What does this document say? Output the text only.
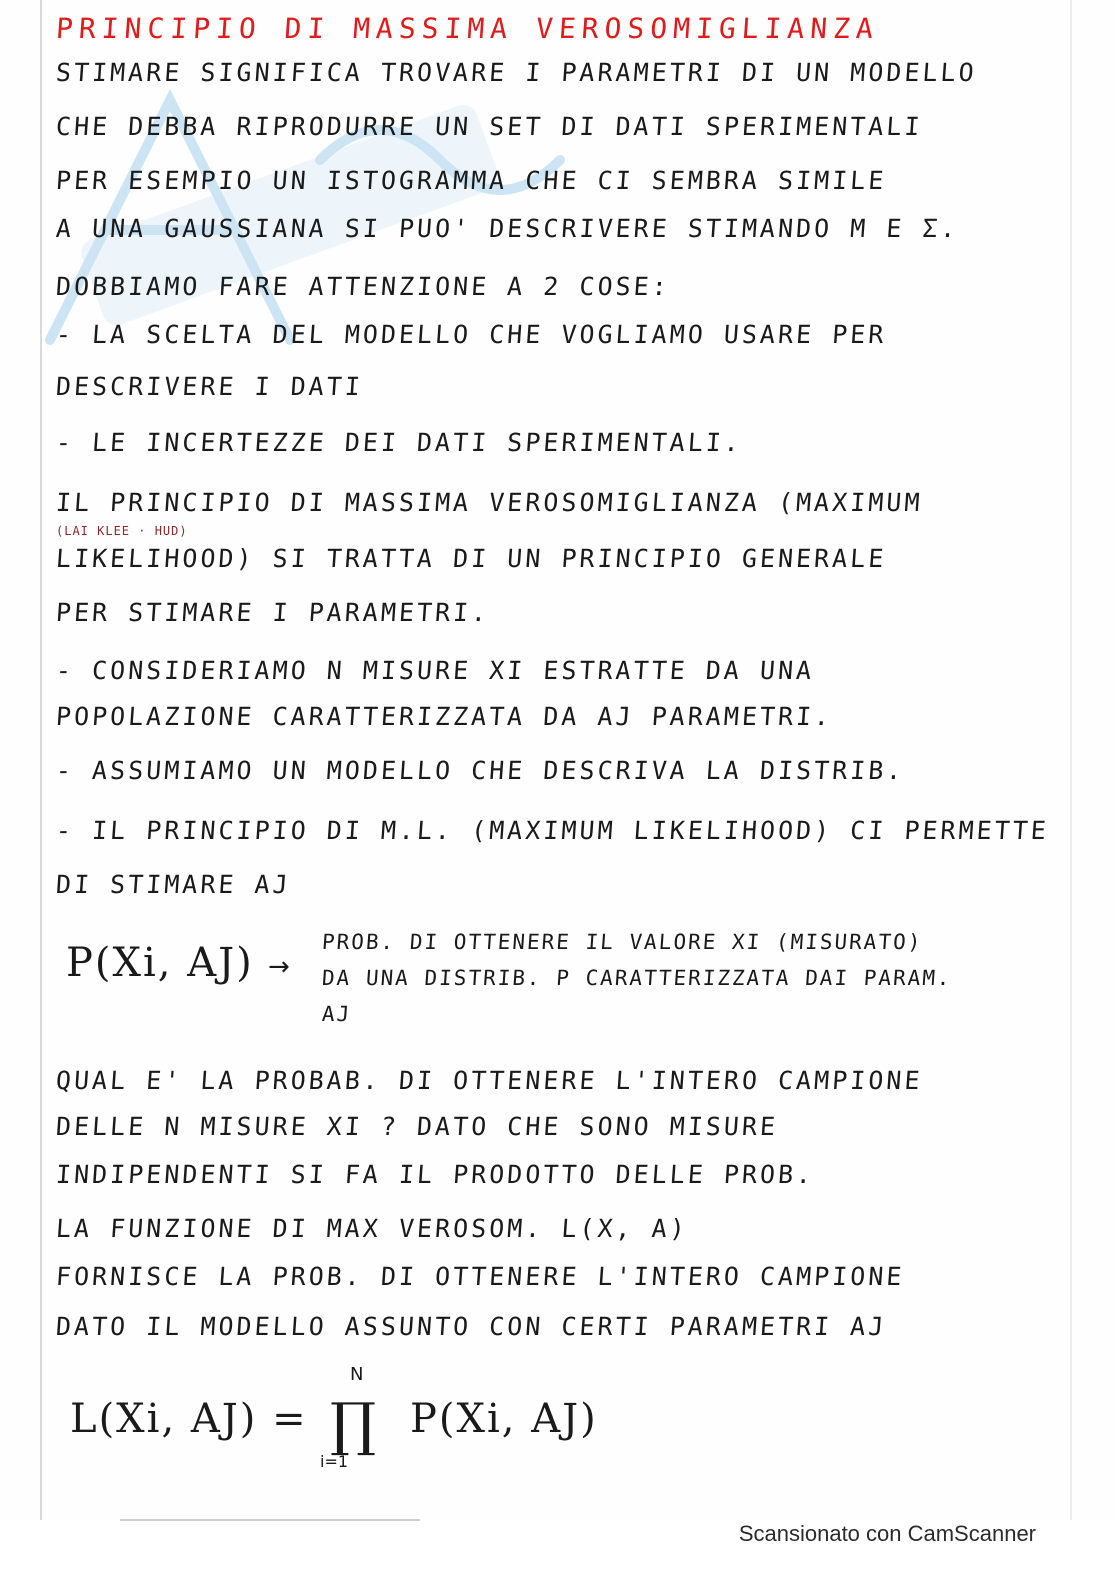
PRINCIPIO DI MASSIMA VEROSOMIGLIANZA
STIMARE SIGNIFICA TROVARE I PARAMETRI DI UN MODELLO
CHE DEBBA RIPRODURRE UN SET DI DATI SPERIMENTALI
PER ESEMPIO UN ISTOGRAMMA CHE CI SEMBRA SIMILE
A UNA GAUSSIANA SI PUO' DESCRIVERE STIMANDO Μ E Σ.
DOBBIAMO FARE ATTENZIONE A 2 COSE:
- LA SCELTA DEL MODELLO CHE VOGLIAMO USARE PER
DESCRIVERE I DATI
- LE INCERTEZZE DEI DATI SPERIMENTALI.
IL PRINCIPIO DI MASSIMA VEROSOMIGLIANZA (MAXIMUM
(LAI KLEE · HUD)
LIKELIHOOD) SI TRATTA DI UN PRINCIPIO GENERALE
PER STIMARE I PARAMETRI.
- CONSIDERIAMO N MISURE XI ESTRATTE DA UNA
POPOLAZIONE CARATTERIZZATA DA AJ PARAMETRI.
- ASSUMIAMO UN MODELLO CHE DESCRIVA LA DISTRIB.
- IL PRINCIPIO DI M.L. (MAXIMUM LIKELIHOOD) CI PERMETTE
DI STIMARE AJ
P(Xi, AJ) →
PROB. DI OTTENERE IL VALORE XI (MISURATO)
DA UNA DISTRIB. P CARATTERIZZATA DAI PARAM.
AJ
QUAL E' LA PROBAB. DI OTTENERE L'INTERO CAMPIONE
DELLE N MISURE XI ? DATO CHE SONO MISURE
INDIPENDENTI SI FA IL PRODOTTO DELLE PROB.
LA FUNZIONE DI MAX VEROSOM. L(X, A)
FORNISCE LA PROB. DI OTTENERE L'INTERO CAMPIONE
DATO IL MODELLO ASSUNTO CON CERTI PARAMETRI AJ
L(Xi, AJ) =
N
∏
i=1
P(Xi, AJ)
Scansionato con CamScanner
